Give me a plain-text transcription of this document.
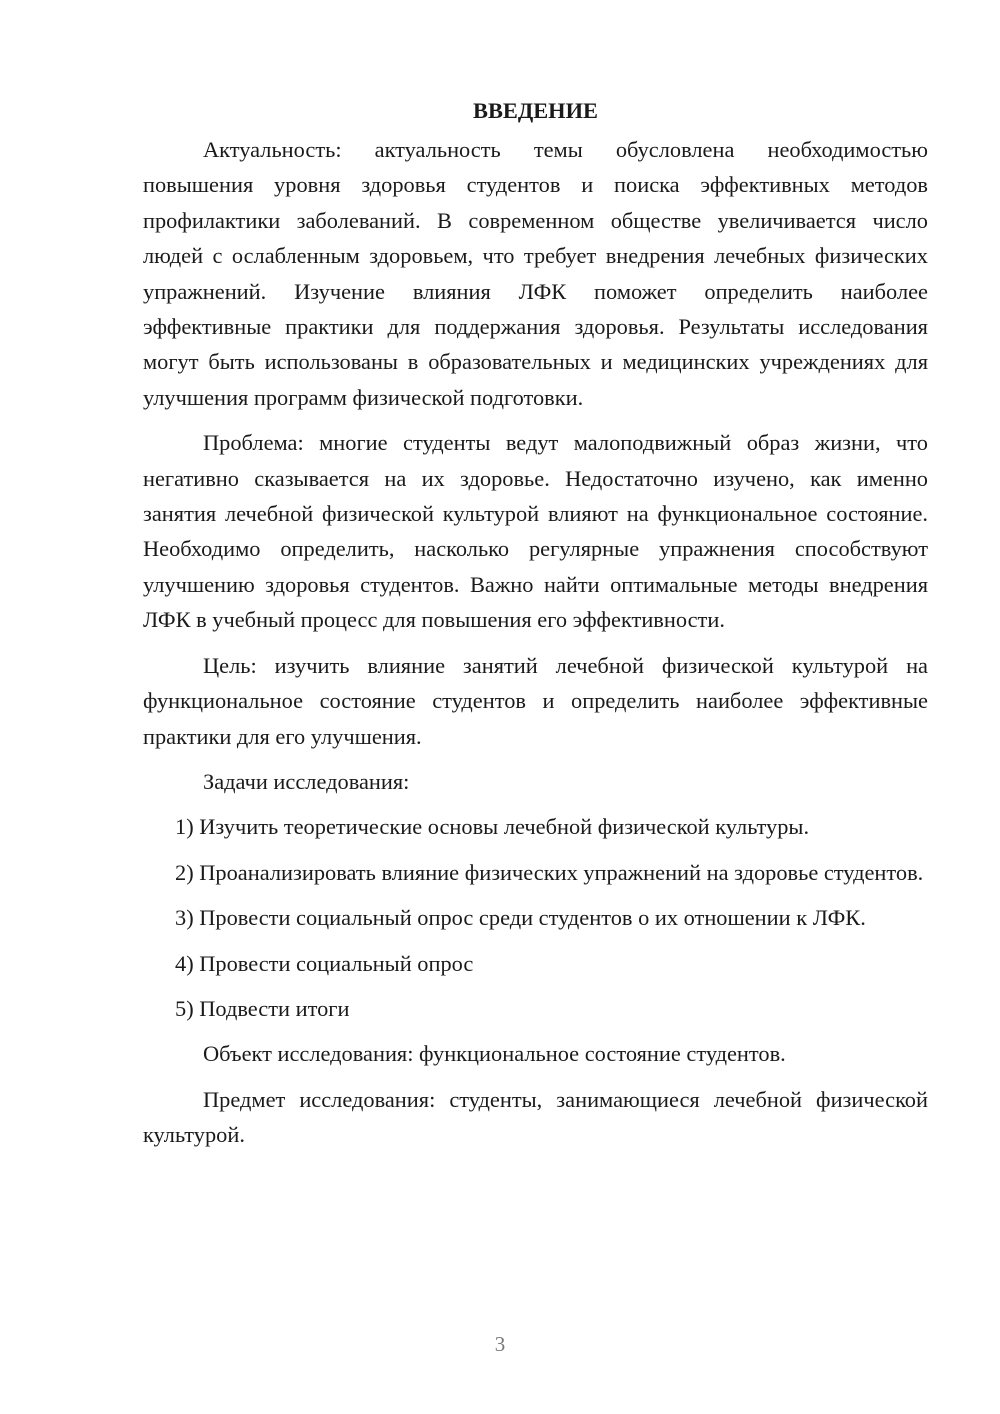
ВВЕДЕНИЕ
Актуальность: актуальность темы обусловлена необходимостью повышения уровня здоровья студентов и поиска эффективных методов профилактики заболеваний. В современном обществе увеличивается число людей с ослабленным здоровьем, что требует внедрения лечебных физических упражнений. Изучение влияния ЛФК поможет определить наиболее эффективные практики для поддержания здоровья. Результаты исследования могут быть использованы в образовательных и медицинских учреждениях для улучшения программ физической подготовки.
Проблема: многие студенты ведут малоподвижный образ жизни, что негативно сказывается на их здоровье. Недостаточно изучено, как именно занятия лечебной физической культурой влияют на функциональное состояние. Необходимо определить, насколько регулярные упражнения способствуют улучшению здоровья студентов. Важно найти оптимальные методы внедрения ЛФК в учебный процесс для повышения его эффективности.
Цель: изучить влияние занятий лечебной физической культурой на функциональное состояние студентов и определить наиболее эффективные практики для его улучшения.
Задачи исследования:
1) Изучить теоретические основы лечебной физической культуры.
2) Проанализировать влияние физических упражнений на здоровье студентов.
3) Провести социальный опрос среди студентов о их отношении к ЛФК.
4) Провести социальный опрос
5) Подвести итоги
Объект исследования: функциональное состояние студентов.
Предмет исследования: студенты, занимающиеся лечебной физической культурой.
3
